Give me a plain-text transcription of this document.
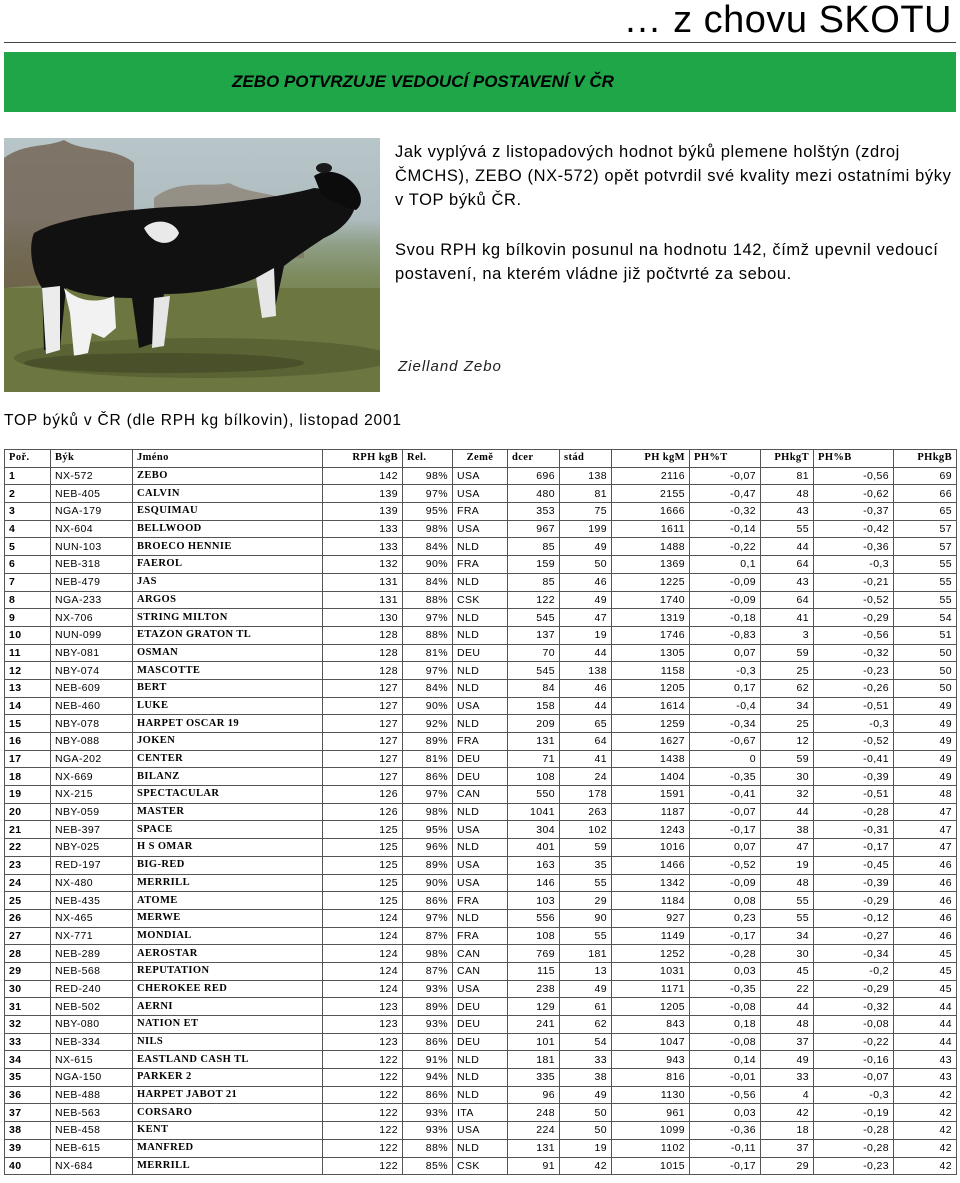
… z chovu SKOTU
ZEBO POTVRZUJE VEDOUCÍ POSTAVENÍ V ČR

Jak vyplývá z listopadových hodnot býků plemene holštýn (zdroj ČMCHS), ZEBO (NX-572) opět potvrdil své kvality mezi ostatními býky v TOP býků ČR.

Svou RPH kg bílkovin posunul na hodnotu 142, čímž upevnil vedoucí postavení, na kterém vládne již počtvrté za sebou.

Zielland Zebo
TOP býků v ČR (dle RPH kg bílkovin), listopad 2001
Poř.	Býk	Jméno	RPH kgB	Rel.	Země	dcer	stád	PH kgM	PH%T	PHkgT	PH%B	PHkgB
1	NX-572	ZEBO	142	98%	USA	696	138	2116	-0,07	81	-0,56	69
2	NEB-405	CALVIN	139	97%	USA	480	81	2155	-0,47	48	-0,62	66
3	NGA-179	ESQUIMAU	139	95%	FRA	353	75	1666	-0,32	43	-0,37	65
4	NX-604	BELLWOOD	133	98%	USA	967	199	1611	-0,14	55	-0,42	57
5	NUN-103	BROECO HENNIE	133	84%	NLD	85	49	1488	-0,22	44	-0,36	57
6	NEB-318	FAEROL	132	90%	FRA	159	50	1369	0,1	64	-0,3	55
7	NEB-479	JAS	131	84%	NLD	85	46	1225	-0,09	43	-0,21	55
8	NGA-233	ARGOS	131	88%	CSK	122	49	1740	-0,09	64	-0,52	55
9	NX-706	STRING MILTON	130	97%	NLD	545	47	1319	-0,18	41	-0,29	54
10	NUN-099	ETAZON GRATON TL	128	88%	NLD	137	19	1746	-0,83	3	-0,56	51
11	NBY-081	OSMAN	128	81%	DEU	70	44	1305	0,07	59	-0,32	50
12	NBY-074	MASCOTTE	128	97%	NLD	545	138	1158	-0,3	25	-0,23	50
13	NEB-609	BERT	127	84%	NLD	84	46	1205	0,17	62	-0,26	50
14	NEB-460	LUKE	127	90%	USA	158	44	1614	-0,4	34	-0,51	49
15	NBY-078	HARPET OSCAR 19	127	92%	NLD	209	65	1259	-0,34	25	-0,3	49
16	NBY-088	JOKEN	127	89%	FRA	131	64	1627	-0,67	12	-0,52	49
17	NGA-202	CENTER	127	81%	DEU	71	41	1438	0	59	-0,41	49
18	NX-669	BILANZ	127	86%	DEU	108	24	1404	-0,35	30	-0,39	49
19	NX-215	SPECTACULAR	126	97%	CAN	550	178	1591	-0,41	32	-0,51	48
20	NBY-059	MASTER	126	98%	NLD	1041	263	1187	-0,07	44	-0,28	47
21	NEB-397	SPACE	125	95%	USA	304	102	1243	-0,17	38	-0,31	47
22	NBY-025	H S OMAR	125	96%	NLD	401	59	1016	0,07	47	-0,17	47
23	RED-197	BIG-RED	125	89%	USA	163	35	1466	-0,52	19	-0,45	46
24	NX-480	MERRILL	125	90%	USA	146	55	1342	-0,09	48	-0,39	46
25	NEB-435	ATOME	125	86%	FRA	103	29	1184	0,08	55	-0,29	46
26	NX-465	MERWE	124	97%	NLD	556	90	927	0,23	55	-0,12	46
27	NX-771	MONDIAL	124	87%	FRA	108	55	1149	-0,17	34	-0,27	46
28	NEB-289	AEROSTAR	124	98%	CAN	769	181	1252	-0,28	30	-0,34	45
29	NEB-568	REPUTATION	124	87%	CAN	115	13	1031	0,03	45	-0,2	45
30	RED-240	CHEROKEE RED	124	93%	USA	238	49	1171	-0,35	22	-0,29	45
31	NEB-502	AERNI	123	89%	DEU	129	61	1205	-0,08	44	-0,32	44
32	NBY-080	NATION ET	123	93%	DEU	241	62	843	0,18	48	-0,08	44
33	NEB-334	NILS	123	86%	DEU	101	54	1047	-0,08	37	-0,22	44
34	NX-615	EASTLAND CASH TL	122	91%	NLD	181	33	943	0,14	49	-0,16	43
35	NGA-150	PARKER 2	122	94%	NLD	335	38	816	-0,01	33	-0,07	43
36	NEB-488	HARPET JABOT 21	122	86%	NLD	96	49	1130	-0,56	4	-0,3	42
37	NEB-563	CORSARO	122	93%	ITA	248	50	961	0,03	42	-0,19	42
38	NEB-458	KENT	122	93%	USA	224	50	1099	-0,36	18	-0,28	42
39	NEB-615	MANFRED	122	88%	NLD	131	19	1102	-0,11	37	-0,28	42
40	NX-684	MERRILL	122	85%	CSK	91	42	1015	-0,17	29	-0,23	42
